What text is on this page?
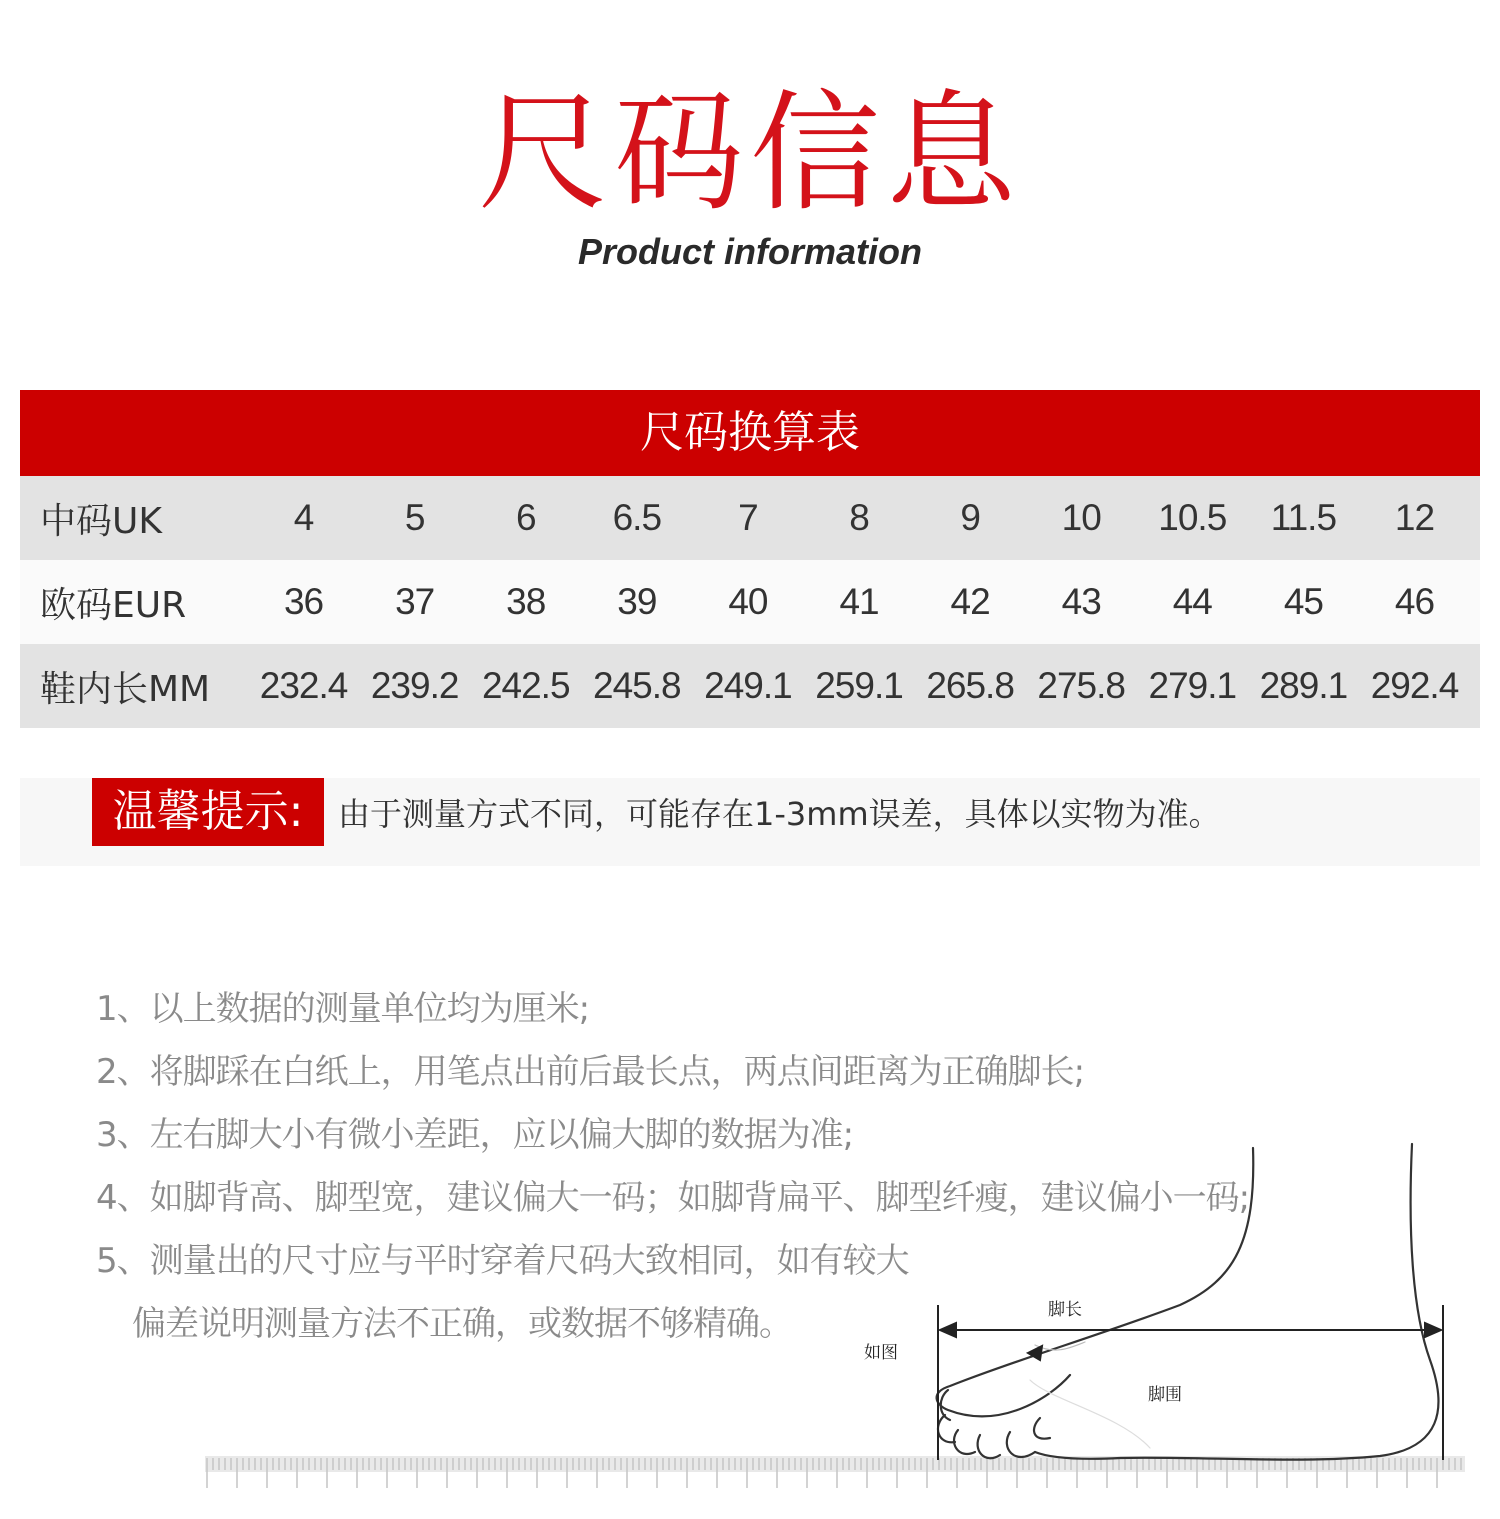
尺码信息
Product information
尺码换算表
中码UK	4	5	6	6.5	7	8	9	10	10.5	11.5	12
欧码EUR	36	37	38	39	40	41	42	43	44	45	46
鞋内长MM	232.4 239.2 242.5 245.8 249.1 259.1 265.8 275.8 279.1 289.1 292.4
温馨提示:	由于测量方式不同，可能存在1-3mm误差，具体以实物为准。
1、以上数据的测量单位均为厘米;
2、将脚踩在白纸上，用笔点出前后最长点，两点间距离为正确脚长;
3、左右脚大小有微小差距，应以偏大脚的数据为准;
4、如脚背高、脚型宽，建议偏大一码；如脚背扁平、脚型纤瘦，建议偏小一码;
5、测量出的尺寸应与平时穿着尺码大致相同，如有较大
偏差说明测量方法不正确，或数据不够精确。	脚长
如图
脚围
